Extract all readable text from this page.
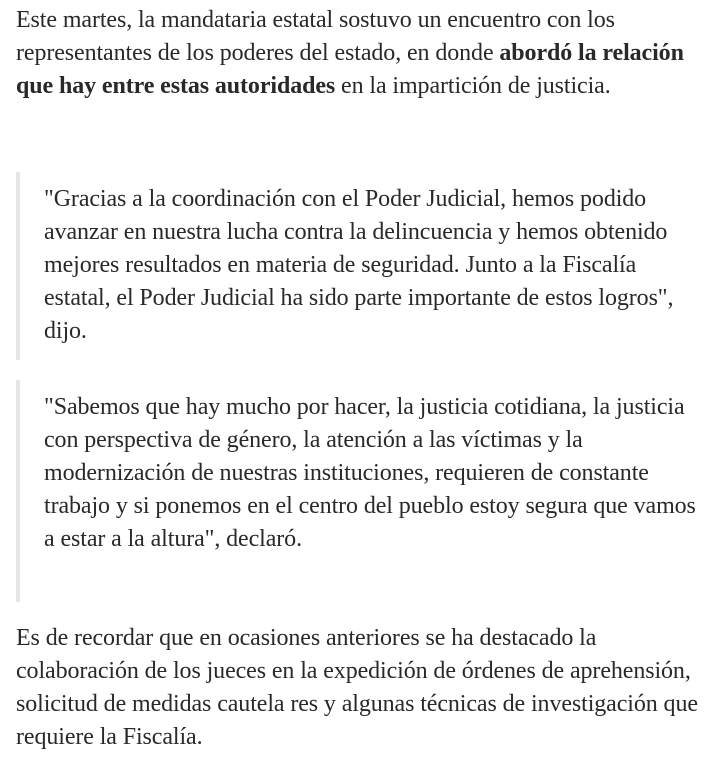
Este martes, la mandataria estatal sostuvo un encuentro con los representantes de los poderes del estado, en donde abordó la relación que hay entre estas autoridades en la impartición de justicia.

"Gracias a la coordinación con el Poder Judicial, hemos podido avanzar en nuestra lucha contra la delincuencia y hemos obtenido mejores resultados en materia de seguridad. Junto a la Fiscalía estatal, el Poder Judicial ha sido parte importante de estos logros", dijo.

"Sabemos que hay mucho por hacer, la justicia cotidiana, la justicia con perspectiva de género, la atención a las víctimas y la modernización de nuestras instituciones, requieren de constante trabajo y si ponemos en el centro del pueblo estoy segura que vamos a estar a la altura", declaró.

Es de recordar que en ocasiones anteriores se ha destacado la colaboración de los jueces en la expedición de órdenes de aprehensión, solicitud de medidas cautela res y algunas técnicas de investigación que requiere la Fiscalía.
